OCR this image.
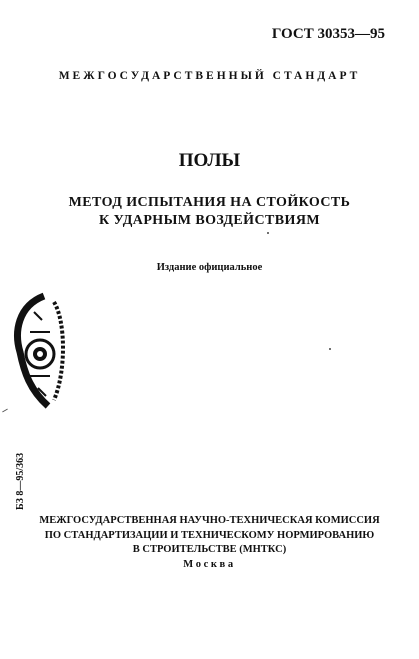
ГОСТ 30353—95
МЕЖГОСУДАРСТВЕННЫЙ СТАНДАРТ
ПОЛЫ
МЕТОД ИСПЫТАНИЯ НА СТОЙКОСТЬ
К УДАРНЫМ ВОЗДЕЙСТВИЯМ
Издание официальное
БЗ 8—95/363
МЕЖГОСУДАРСТВЕННАЯ НАУЧНО-ТЕХНИЧЕСКАЯ КОМИССИЯ
ПО СТАНДАРТИЗАЦИИ И ТЕХНИЧЕСКОМУ НОРМИРОВАНИЮ
В СТРОИТЕЛЬСТВЕ (МНТКС)
Москва
